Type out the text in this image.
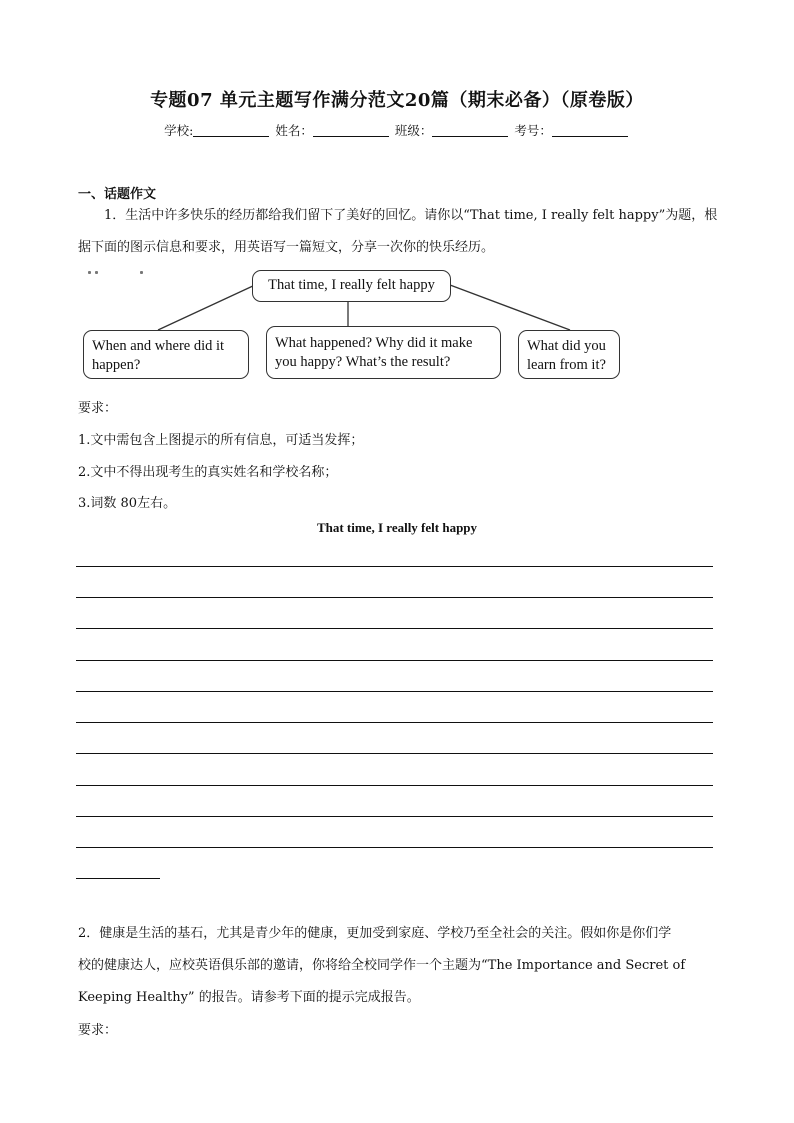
专题07 单元主题写作满分范文20篇（期末必备）（原卷版）
学校:	姓名：	班级：	考号：
一、话题作文
1．生活中许多快乐的经历都给我们留下了美好的回忆。请你以“That time, I really felt happy”为题，根
据下面的图示信息和要求，用英语写一篇短文，分享一次你的快乐经历。
That time, I really felt happy
When and where did it happen?
What happened? Why did it make you happy? What’s the result?
What did you learn from it?
要求：
1.文中需包含上图提示的所有信息，可适当发挥；
2.文中不得出现考生的真实姓名和学校名称；
3.词数 80左右。
That time, I really felt happy
2．健康是生活的基石，尤其是青少年的健康，更加受到家庭、学校乃至全社会的关注。假如你是你们学
校的健康达人，应校英语俱乐部的邀请，你将给全校同学作一个主题为“The Importance and Secret of
Keeping Healthy” 的报告。请参考下面的提示完成报告。
要求：
